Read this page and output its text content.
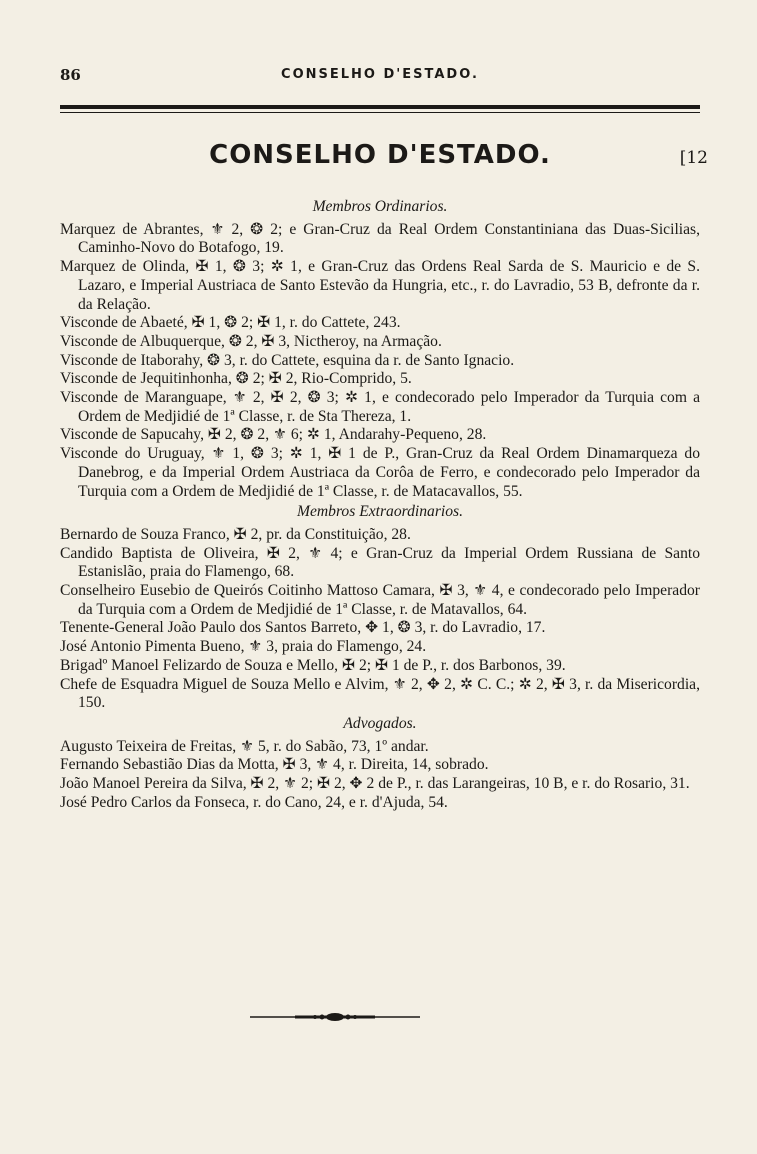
86	CONSELHO D'ESTADO.
CONSELHO D'ESTADO.	[12
Membros Ordinarios.

Marquez de Abrantes, ⚜ 2, ❂ 2; e Gran-Cruz da Real Ordem Constantiniana das Duas-Sicilias, Caminho-Novo do Botafogo, 19.

Marquez de Olinda, ✠ 1, ❂ 3; ✲ 1, e Gran-Cruz das Ordens Real Sarda de S. Mauricio e de S. Lazaro, e Imperial Austriaca de Santo Estevão da Hungria, etc., r. do Lavradio, 53 B, defronte da r. da Relação.

Visconde de Abaeté, ✠ 1, ❂ 2; ✠ 1, r. do Cattete, 243.

Visconde de Albuquerque, ❂ 2, ✠ 3, Nictheroy, na Armação.

Visconde de Itaborahy, ❂ 3, r. do Cattete, esquina da r. de Santo Ignacio.

Visconde de Jequitinhonha, ❂ 2; ✠ 2, Rio-Comprido, 5.

Visconde de Maranguape, ⚜ 2, ✠ 2, ❂ 3; ✲ 1, e condecorado pelo Imperador da Turquia com a Ordem de Medjidié de 1ª Classe, r. de Sta Thereza, 1.

Visconde de Sapucahy, ✠ 2, ❂ 2, ⚜ 6; ✲ 1, Andarahy-Pequeno, 28.

Visconde do Uruguay, ⚜ 1, ❂ 3; ✲ 1, ✠ 1 de P., Gran-Cruz da Real Ordem Dinamarqueza do Danebrog, e da Imperial Ordem Austriaca da Corôa de Ferro, e condecorado pelo Imperador da Turquia com a Ordem de Medjidié de 1ª Classe, r. de Matacavallos, 55.

Membros Extraordinarios.

Bernardo de Souza Franco, ✠ 2, pr. da Constituição, 28.

Candido Baptista de Oliveira, ✠ 2, ⚜ 4; e Gran-Cruz da Imperial Ordem Russiana de Santo Estanislão, praia do Flamengo, 68.

Conselheiro Eusebio de Queirós Coitinho Mattoso Camara, ✠ 3, ⚜ 4, e condecorado pelo Imperador da Turquia com a Ordem de Medjidié de 1ª Classe, r. de Matavallos, 64.

Tenente-General João Paulo dos Santos Barreto, ✥ 1, ❂ 3, r. do Lavradio, 17.

José Antonio Pimenta Bueno, ⚜ 3, praia do Flamengo, 24.

Brigadº Manoel Felizardo de Souza e Mello, ✠ 2; ✠ 1 de P., r. dos Barbonos, 39.

Chefe de Esquadra Miguel de Souza Mello e Alvim, ⚜ 2, ✥ 2, ✲ C. C.; ✲ 2, ✠ 3, r. da Misericordia, 150.

Advogados.

Augusto Teixeira de Freitas, ⚜ 5, r. do Sabão, 73, 1º andar.

Fernando Sebastião Dias da Motta, ✠ 3, ⚜ 4, r. Direita, 14, sobrado.

João Manoel Pereira da Silva, ✠ 2, ⚜ 2; ✠ 2, ✥ 2 de P., r. das Larangeiras, 10 B, e r. do Rosario, 31.

José Pedro Carlos da Fonseca, r. do Cano, 24, e r. d'Ajuda, 54.
